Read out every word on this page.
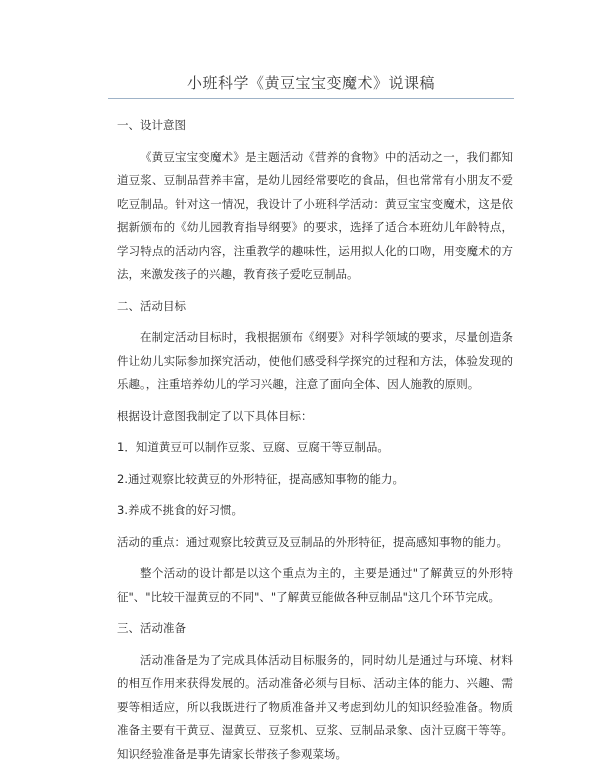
小班科学《黄豆宝宝变魔术》说课稿

一、设计意图

《黄豆宝宝变魔术》是主题活动《营养的食物》中的活动之一，我们都知道豆浆、豆制品营养丰富，是幼儿园经常要吃的食品，但也常常有小朋友不爱吃豆制品。针对这一情况，我设计了小班科学活动：黄豆宝宝变魔术，这是依据新颁布的《幼儿园教育指导纲要》的要求，选择了适合本班幼儿年龄特点，学习特点的活动内容，注重教学的趣味性，运用拟人化的口吻，用变魔术的方法，来激发孩子的兴趣，教育孩子爱吃豆制品。

二、活动目标

在制定活动目标时，我根据颁布《纲要》对科学领域的要求，尽量创造条件让幼儿实际参加探究活动，使他们感受科学探究的过程和方法，体验发现的乐趣。，注重培养幼儿的学习兴趣，注意了面向全体、因人施教的原则。

根据设计意图我制定了以下具体目标：

1．知道黄豆可以制作豆浆、豆腐、豆腐干等豆制品。

2.通过观察比较黄豆的外形特征，提高感知事物的能力。

3.养成不挑食的好习惯。

活动的重点：通过观察比较黄豆及豆制品的外形特征，提高感知事物的能力。

整个活动的设计都是以这个重点为主的，主要是通过"了解黄豆的外形特征"、"比较干湿黄豆的不同"、"了解黄豆能做各种豆制品"这几个环节完成。

三、活动准备

活动准备是为了完成具体活动目标服务的，同时幼儿是通过与环境、材料的相互作用来获得发展的。活动准备必须与目标、活动主体的能力、兴趣、需要等相适应，所以我既进行了物质准备并又考虑到幼儿的知识经验准备。物质准备主要有干黄豆、湿黄豆、豆浆机、豆浆、豆制品录象、卤汁豆腐干等等。知识经验准备是事先请家长带孩子参观菜场。
